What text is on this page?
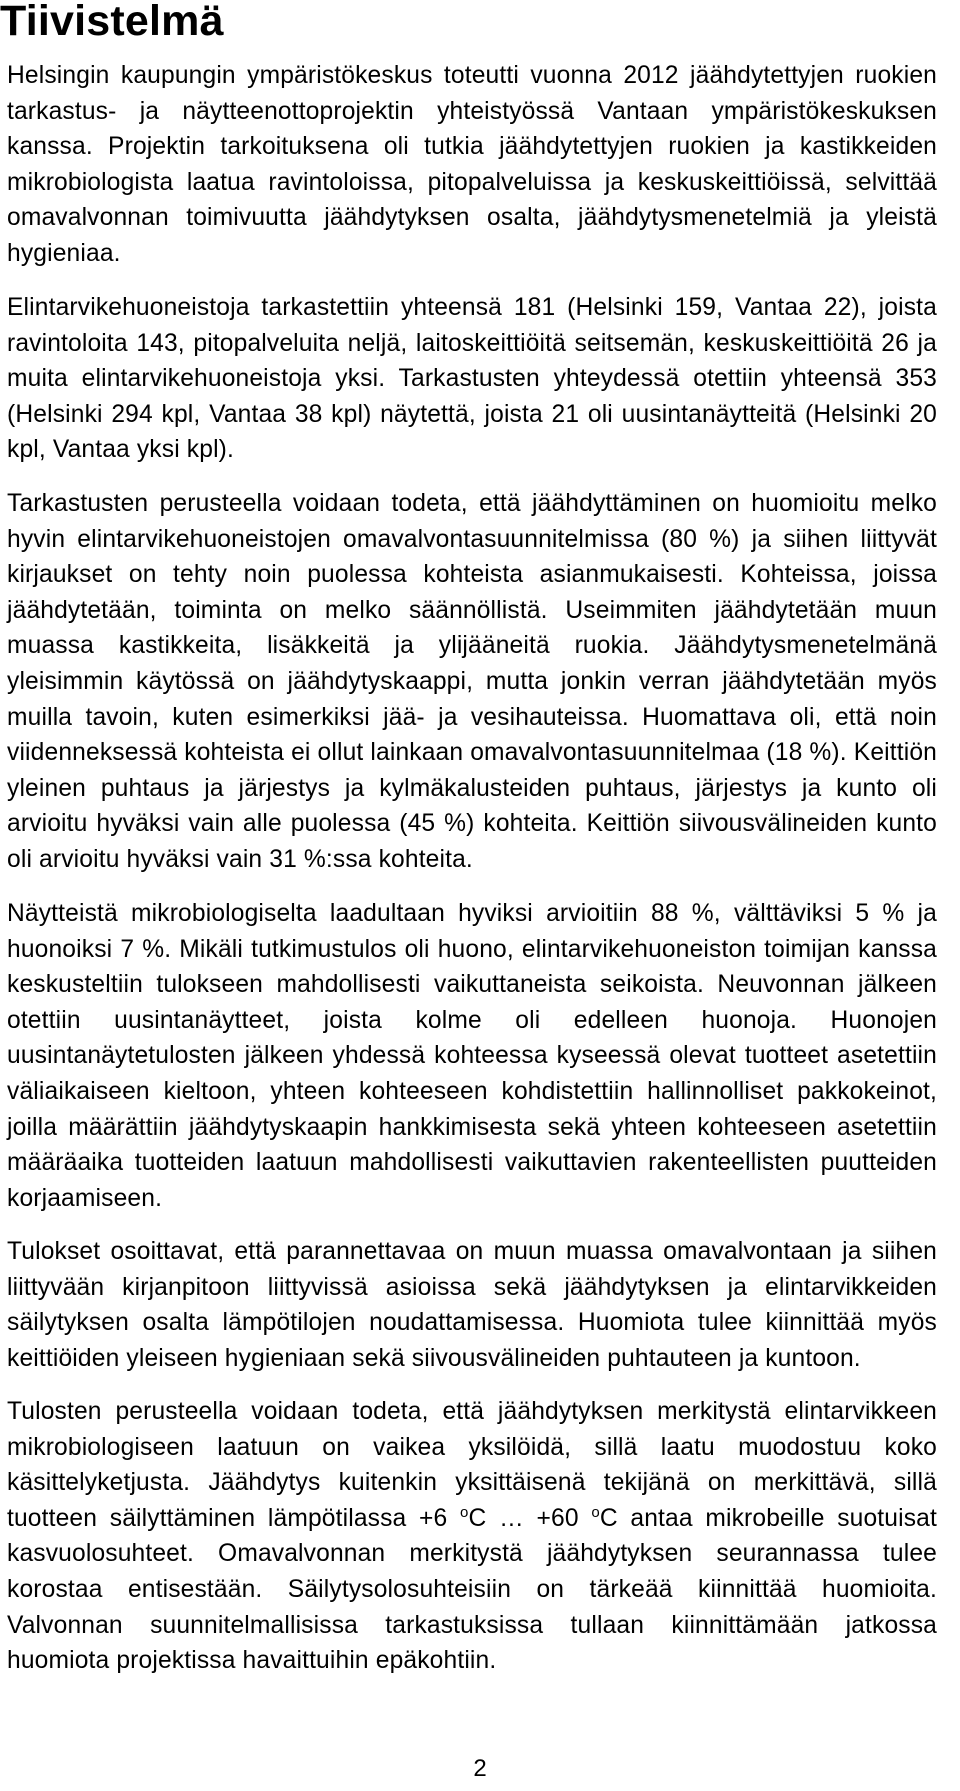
Tiivistelmä

Helsingin kaupungin ympäristökeskus toteutti vuonna 2012 jäähdytettyjen ruokien tarkastus- ja näytteenottoprojektin yhteistyössä Vantaan ympäristökeskuksen kanssa. Projektin tarkoituksena oli tutkia jäähdytettyjen ruokien ja kastikkeiden mikrobiologista laatua ravintoloissa, pitopalveluissa ja keskuskeittiöissä, selvittää omavalvonnan toimivuutta jäähdytyksen osalta, jäähdytysmenetelmiä ja yleistä hygieniaa.

Elintarvikehuoneistoja tarkastettiin yhteensä 181 (Helsinki 159, Vantaa 22), joista ravintoloita 143, pitopalveluita neljä, laitoskeittiöitä seitsemän, keskuskeittiöitä 26 ja muita elintarvikehuoneistoja yksi. Tarkastusten yhteydessä otettiin yhteensä 353 (Helsinki 294 kpl, Vantaa 38 kpl) näytettä, joista 21 oli uusintanäytteitä (Helsinki 20 kpl, Vantaa yksi kpl).

Tarkastusten perusteella voidaan todeta, että jäähdyttäminen on huomioitu melko hyvin elintarvikehuoneistojen omavalvontasuunnitelmissa (80 %) ja siihen liittyvät kirjaukset on tehty noin puolessa kohteista asianmukaisesti. Kohteissa, joissa jäähdytetään, toiminta on melko säännöllistä. Useimmiten jäähdytetään muun muassa kastikkeita, lisäkkeitä ja ylijääneitä ruokia. Jäähdytysmenetelmänä yleisimmin käytössä on jäähdytyskaappi, mutta jonkin verran jäähdytetään myös muilla tavoin, kuten esimerkiksi jää- ja vesihauteissa. Huomattava oli, että noin viidenneksessä kohteista ei ollut lainkaan omavalvontasuunnitelmaa (18 %). Keittiön yleinen puhtaus ja järjestys ja kylmäkalusteiden puhtaus, järjestys ja kunto oli arvioitu hyväksi vain alle puolessa (45 %) kohteita. Keittiön siivousvälineiden kunto oli arvioitu hyväksi vain 31 %:ssa kohteita.

Näytteistä mikrobiologiselta laadultaan hyviksi arvioitiin 88 %, välttäviksi 5 % ja huonoiksi 7 %. Mikäli tutkimustulos oli huono, elintarvikehuoneiston toimijan kanssa keskusteltiin tulokseen mahdollisesti vaikuttaneista seikoista. Neuvonnan jälkeen otettiin uusintanäytteet, joista kolme oli edelleen huonoja. Huonojen uusintanäytetulosten jälkeen yhdessä kohteessa kyseessä olevat tuotteet asetettiin väliaikaiseen kieltoon, yhteen kohteeseen kohdistettiin hallinnolliset pakkokeinot, joilla määrättiin jäähdytyskaapin hankkimisesta sekä yhteen kohteeseen asetettiin määräaika tuotteiden laatuun mahdollisesti vaikuttavien rakenteellisten puutteiden korjaamiseen.

Tulokset osoittavat, että parannettavaa on muun muassa omavalvontaan ja siihen liittyvään kirjanpitoon liittyvissä asioissa sekä jäähdytyksen ja elintarvikkeiden säilytyksen osalta lämpötilojen noudattamisessa. Huomiota tulee kiinnittää myös keittiöiden yleiseen hygieniaan sekä siivousvälineiden puhtauteen ja kuntoon.

Tulosten perusteella voidaan todeta, että jäähdytyksen merkitystä elintarvikkeen mikrobiologiseen laatuun on vaikea yksilöidä, sillä laatu muodostuu koko käsittelyketjusta. Jäähdytys kuitenkin yksittäisenä tekijänä on merkittävä, sillä tuotteen säilyttäminen lämpötilassa +6 $^o$C … +60 $^o$C antaa mikrobeille suotuisat kasvuolosuhteet. Omavalvonnan merkitystä jäähdytyksen seurannassa tulee korostaa entisestään. Säilytysolosuhteisiin on tärkeää kiinnittää huomioita. Valvonnan suunnitelmallisissa tarkastuksissa tullaan kiinnittämään jatkossa huomiota projektissa havaittuihin epäkohtiin.

2
